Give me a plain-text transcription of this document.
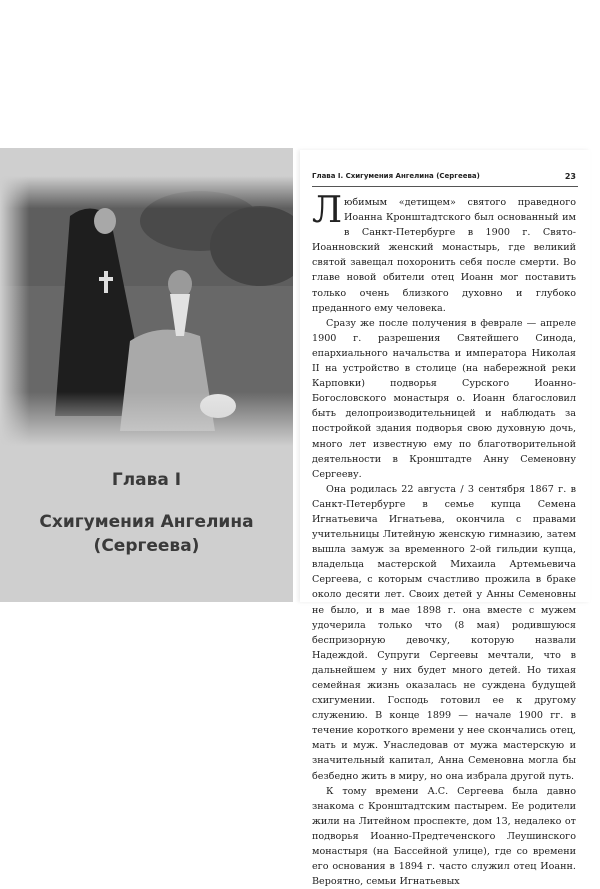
Глава I
Схигумения Ангелина
(Сергеева)
Глава I. Схигумения Ангелина (Сергеева)	23

Любимым «детищем» святого праведного Иоанна Кронштадтского был основанный им в Санкт-Петербурге в 1900 г. Свято-Иоанновский женский монастырь, где великий святой завещал похоронить себя после смерти. Во главе новой обители отец Иоанн мог поставить только очень близкого духовно и глубоко преданного ему человека.

Сразу же после получения в феврале — апреле 1900 г. разрешения Святейшего Синода, епархиального начальства и императора Николая II на устройство в столице (на набережной реки Карповки) подворья Сурского Иоанно-Богословского монастыря о. Иоанн благословил быть делопроизводительницей и наблюдать за постройкой здания подворья свою духовную дочь, много лет известную ему по благотворительной деятельности в Кронштадте Анну Семеновну Сергееву.

Она родилась 22 августа / 3 сентября 1867 г. в Санкт-Петербурге в семье купца Семена Игнатьевича Игнатьева, окончила с правами учительницы Литейную женскую гимназию, затем вышла замуж за временного 2-ой гильдии купца, владельца мастерской Михаила Артемьевича Сергеева, с которым счастливо прожила в браке около десяти лет. Своих детей у Анны Семеновны не было, и в мае 1898 г. она вместе с мужем удочерила только что (8 мая) родившуюся беспризорную девочку, которую назвали Надеждой. Супруги Сергеевы мечтали, что в дальнейшем у них будет много детей. Но тихая семейная жизнь оказалась не суждена будущей схигумении. Господь готовил ее к другому служению. В конце 1899 — начале 1900 гг. в течение короткого времени у нее скончались отец, мать и муж. Унаследовав от мужа мастерскую и значительный капитал, Анна Семеновна могла бы безбедно жить в миру, но она избрала другой путь.

К тому времени А.С. Сергеева была давно знакома с Кронштадтским пастырем. Ее родители жили на Литейном проспекте, дом 13, недалеко от подворья Иоанно-Предтеченского Леушинского монастыря (на Бассейной улице), где со времени его основания в 1894 г. часто служил отец Иоанн. Вероятно, семьи Игнатьевых
